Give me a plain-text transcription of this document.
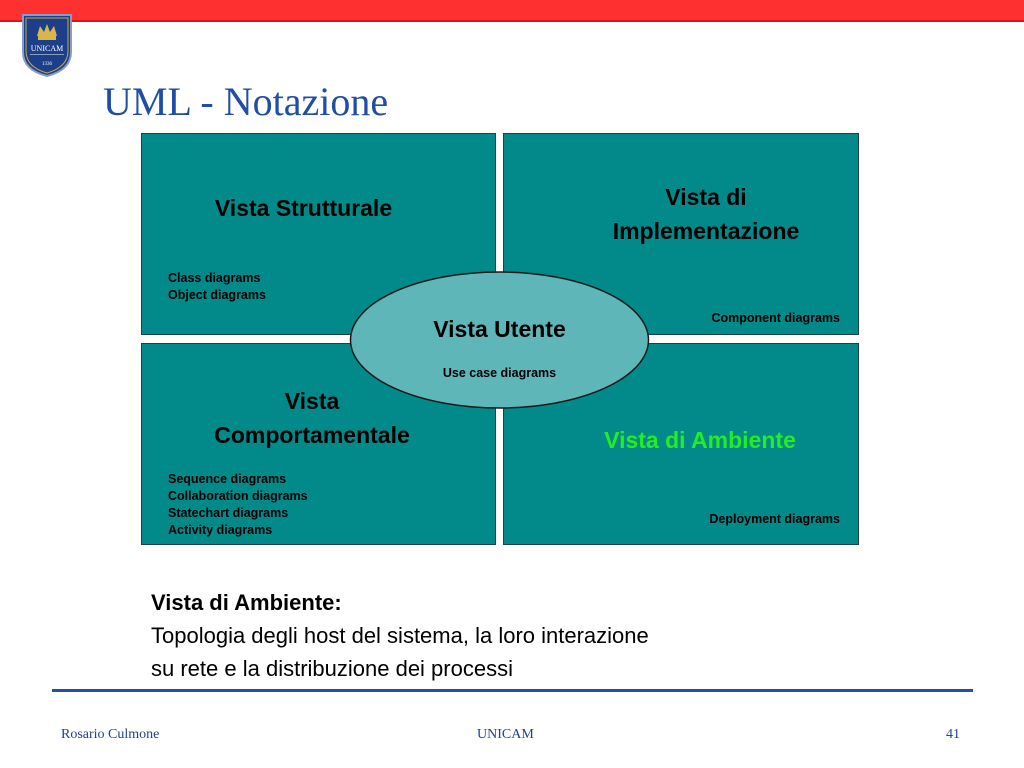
UNICAM
1336
UML - Notazione
Vista Strutturale
Class diagrams
Object diagrams
Vista di
Implementazione
Component diagrams
Vista
Comportamentale
Sequence diagrams
Collaboration diagrams
Statechart diagrams
Activity diagrams
Vista di Ambiente
Deployment diagrams
Vista Utente
Use case diagrams
Vista di Ambiente:
Topologia degli host del sistema, la loro interazione
su rete e la distribuzione dei processi
Rosario Culmone	UNICAM	41
